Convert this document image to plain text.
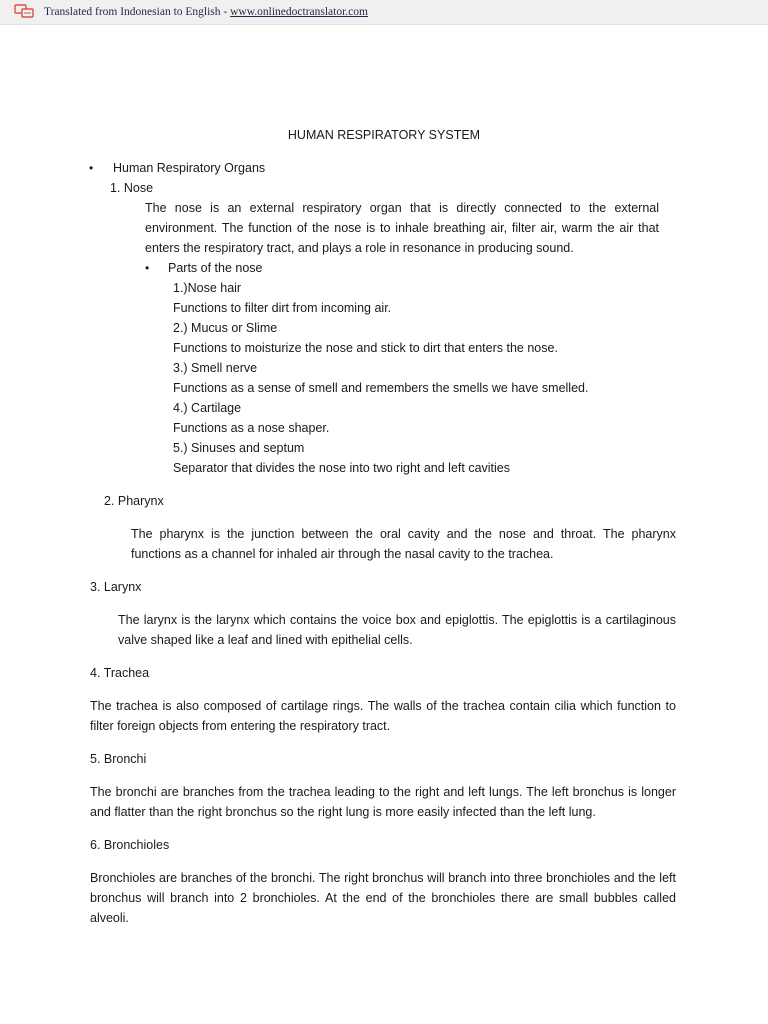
Translated from Indonesian to English - www.onlinedoctranslator.com
HUMAN RESPIRATORY SYSTEM
• Human Respiratory Organs
1. Nose
The nose is an external respiratory organ that is directly connected to the external environment. The function of the nose is to inhale breathing air, filter air, warm the air that enters the respiratory tract, and plays a role in resonance in producing sound.
• Parts of the nose
1.)Nose hair
Functions to filter dirt from incoming air.
2.) Mucus or Slime
Functions to moisturize the nose and stick to dirt that enters the nose.
3.) Smell nerve
Functions as a sense of smell and remembers the smells we have smelled.
4.) Cartilage
Functions as a nose shaper.
5.) Sinuses and septum
Separator that divides the nose into two right and left cavities
2. Pharynx
The pharynx is the junction between the oral cavity and the nose and throat. The pharynx functions as a channel for inhaled air through the nasal cavity to the trachea.
3. Larynx
The larynx is the larynx which contains the voice box and epiglottis. The epiglottis is a cartilaginous valve shaped like a leaf and lined with epithelial cells.
4. Trachea
The trachea is also composed of cartilage rings. The walls of the trachea contain cilia which function to filter foreign objects from entering the respiratory tract.
5. Bronchi
The bronchi are branches from the trachea leading to the right and left lungs. The left bronchus is longer and flatter than the right bronchus so the right lung is more easily infected than the left lung.
6. Bronchioles
Bronchioles are branches of the bronchi. The right bronchus will branch into three bronchioles and the left bronchus will branch into 2 bronchioles. At the end of the bronchioles there are small bubbles called alveoli.
